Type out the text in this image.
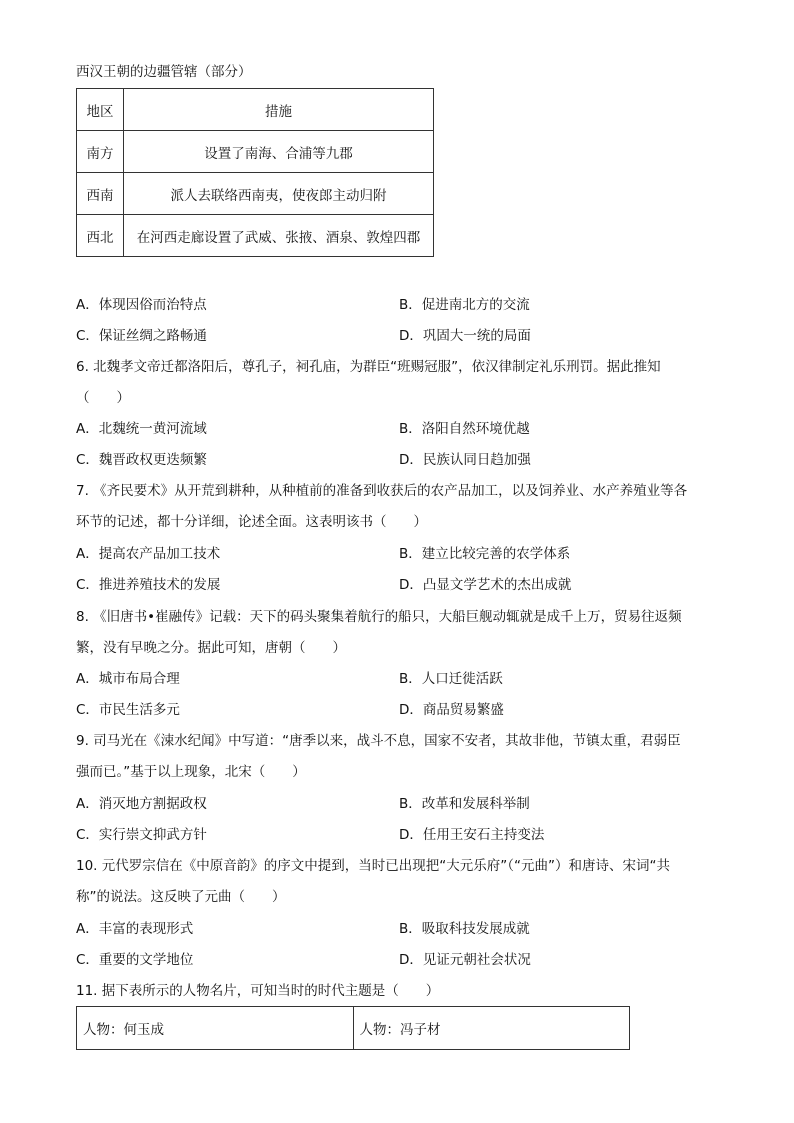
西汉王朝的边疆管辖（部分）
地区	措施
南方	设置了南海、合浦等九郡
西南	派人去联络西南夷，使夜郎主动归附
西北	在河西走廊设置了武威、张掖、酒泉、敦煌四郡
A．体现因俗而治特点	B．促进南北方的交流
C．保证丝绸之路畅通	D．巩固大一统的局面
6. 北魏孝文帝迁都洛阳后，尊孔子，祠孔庙，为群臣“班赐冠服”，依汉律制定礼乐刑罚。据此推知
（　　）
A．北魏统一黄河流域	B．洛阳自然环境优越
C．魏晋政权更迭频繁	D．民族认同日趋加强
7. 《齐民要术》从开荒到耕种，从种植前的准备到收获后的农产品加工，以及饲养业、水产养殖业等各
环节的记述，都十分详细，论述全面。这表明该书（　　）
A．提高农产品加工技术	B．建立比较完善的农学体系
C．推进养殖技术的发展	D．凸显文学艺术的杰出成就
8. 《旧唐书•崔融传》记载：天下的码头聚集着航行的船只，大船巨舰动辄就是成千上万，贸易往返频
繁，没有早晚之分。据此可知，唐朝（　　）
A．城市布局合理	B．人口迁徙活跃
C．市民生活多元	D．商品贸易繁盛
9. 司马光在《涑水纪闻》中写道：“唐季以来，战斗不息，国家不安者，其故非他，节镇太重，君弱臣
强而已。”基于以上现象，北宋（　　）
A．消灭地方割据政权	B．改革和发展科举制
C．实行崇文抑武方针	D．任用王安石主持变法
10. 元代罗宗信在《中原音韵》的序文中提到，当时已出现把“大元乐府”（“元曲”）和唐诗、宋词“共
称”的说法。这反映了元曲（　　）
A．丰富的表现形式	B．吸取科技发展成就
C．重要的文学地位	D．见证元朝社会状况
11. 据下表所示的人物名片，可知当时的时代主题是（　　）
人物：何玉成	人物：冯子材
